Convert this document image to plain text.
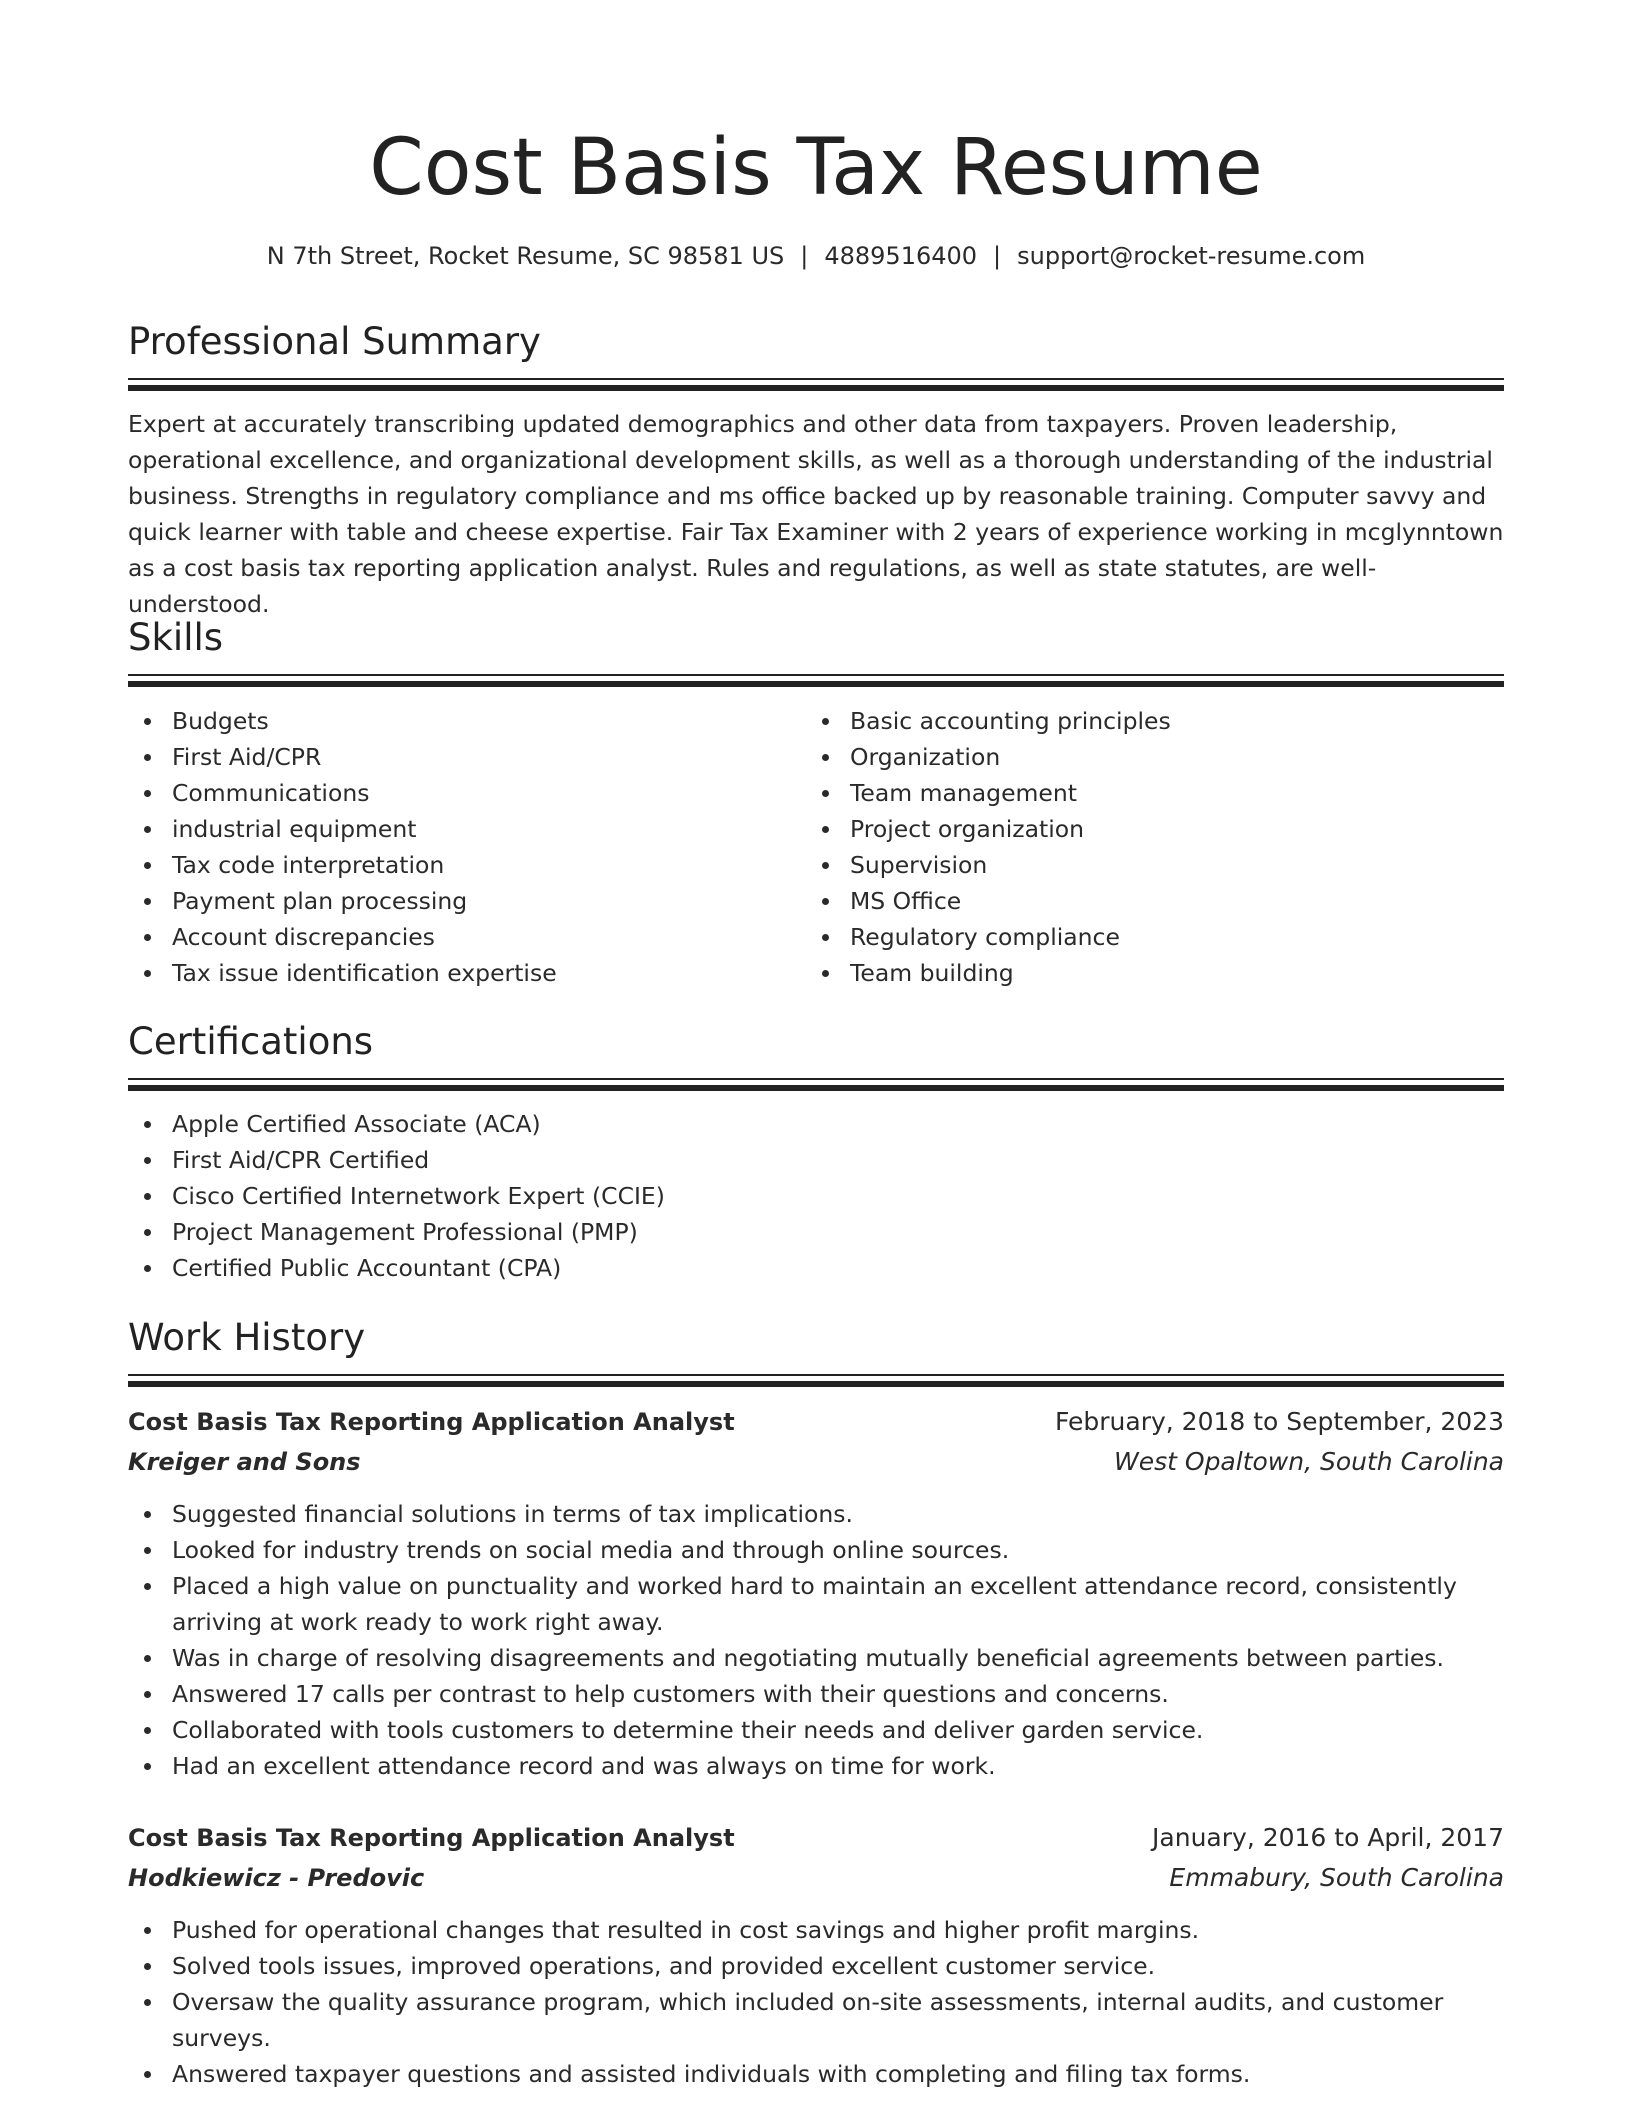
Cost Basis Tax Resume
N 7th Street, Rocket Resume, SC 98581 US | 4889516400 | support@rocket-resume.com
Professional Summary
Expert at accurately transcribing updated demographics and other data from taxpayers. Proven leadership, operational excellence, and organizational development skills, as well as a thorough understanding of the industrial business. Strengths in regulatory compliance and ms office backed up by reasonable training. Computer savvy and quick learner with table and cheese expertise. Fair Tax Examiner with 2 years of experience working in mcglynntown as a cost basis tax reporting application analyst. Rules and regulations, as well as state statutes, are well-understood.
Skills
Budgets
First Aid/CPR
Communications
industrial equipment
Tax code interpretation
Payment plan processing
Account discrepancies
Tax issue identification expertise
Basic accounting principles
Organization
Team management
Project organization
Supervision
MS Office
Regulatory compliance
Team building
Certifications
Apple Certified Associate (ACA)
First Aid/CPR Certified
Cisco Certified Internetwork Expert (CCIE)
Project Management Professional (PMP)
Certified Public Accountant (CPA)
Work History
Cost Basis Tax Reporting Application Analyst	February, 2018 to September, 2023
Kreiger and Sons	West Opaltown, South Carolina
Suggested financial solutions in terms of tax implications.
Looked for industry trends on social media and through online sources.
Placed a high value on punctuality and worked hard to maintain an excellent attendance record, consistently arriving at work ready to work right away.
Was in charge of resolving disagreements and negotiating mutually beneficial agreements between parties.
Answered 17 calls per contrast to help customers with their questions and concerns.
Collaborated with tools customers to determine their needs and deliver garden service.
Had an excellent attendance record and was always on time for work.
Cost Basis Tax Reporting Application Analyst	January, 2016 to April, 2017
Hodkiewicz - Predovic	Emmabury, South Carolina
Pushed for operational changes that resulted in cost savings and higher profit margins.
Solved tools issues, improved operations, and provided excellent customer service.
Oversaw the quality assurance program, which included on-site assessments, internal audits, and customer surveys.
Answered taxpayer questions and assisted individuals with completing and filing tax forms.
